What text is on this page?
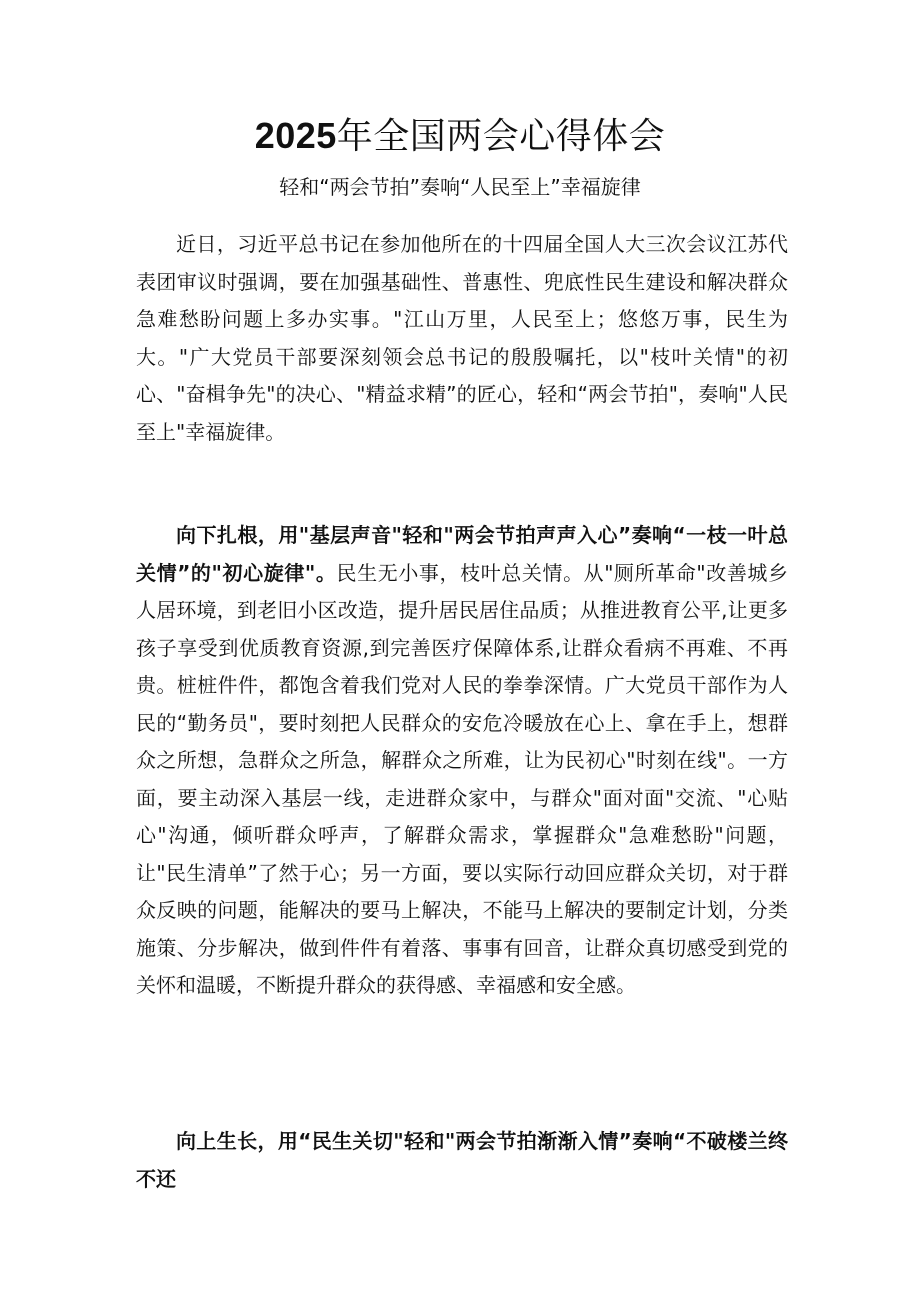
2025年全国两会心得体会

轻和“两会节拍”奏响“人民至上”幸福旋律

近日，习近平总书记在参加他所在的十四届全国人大三次会议江苏代表团审议时强调，要在加强基础性、普惠性、兜底性民生建设和解决群众急难愁盼问题上多办实事。"江山万里，人民至上；悠悠万事，民生为大。"广大党员干部要深刻领会总书记的殷殷嘱托，以"枝叶关情"的初心、"奋楫争先"的决心、"精益求精”的匠心，轻和“两会节拍"，奏响"人民至上"幸福旋律。

向下扎根，用"基层声音"轻和"两会节拍声声入心”奏响“一枝一叶总关情”的"初心旋律"。民生无小事，枝叶总关情。从"厕所革命"改善城乡人居环境，到老旧小区改造，提升居民居住品质；从推进教育公平,让更多孩子享受到优质教育资源,到完善医疗保障体系,让群众看病不再难、不再贵。桩桩件件，都饱含着我们党对人民的拳拳深情。广大党员干部作为人民的“勤务员"，要时刻把人民群众的安危冷暖放在心上、拿在手上，想群众之所想，急群众之所急，解群众之所难，让为民初心"时刻在线"。一方面，要主动深入基层一线，走进群众家中，与群众"面对面"交流、"心贴心"沟通，倾听群众呼声，了解群众需求，掌握群众"急难愁盼"问题，让"民生清单”了然于心；另一方面，要以实际行动回应群众关切，对于群众反映的问题，能解决的要马上解决，不能马上解决的要制定计划，分类施策、分步解决，做到件件有着落、事事有回音，让群众真切感受到党的关怀和温暖，不断提升群众的获得感、幸福感和安全感。

向上生长，用“民生关切"轻和"两会节拍渐渐入情”奏响“不破楼兰终不还
